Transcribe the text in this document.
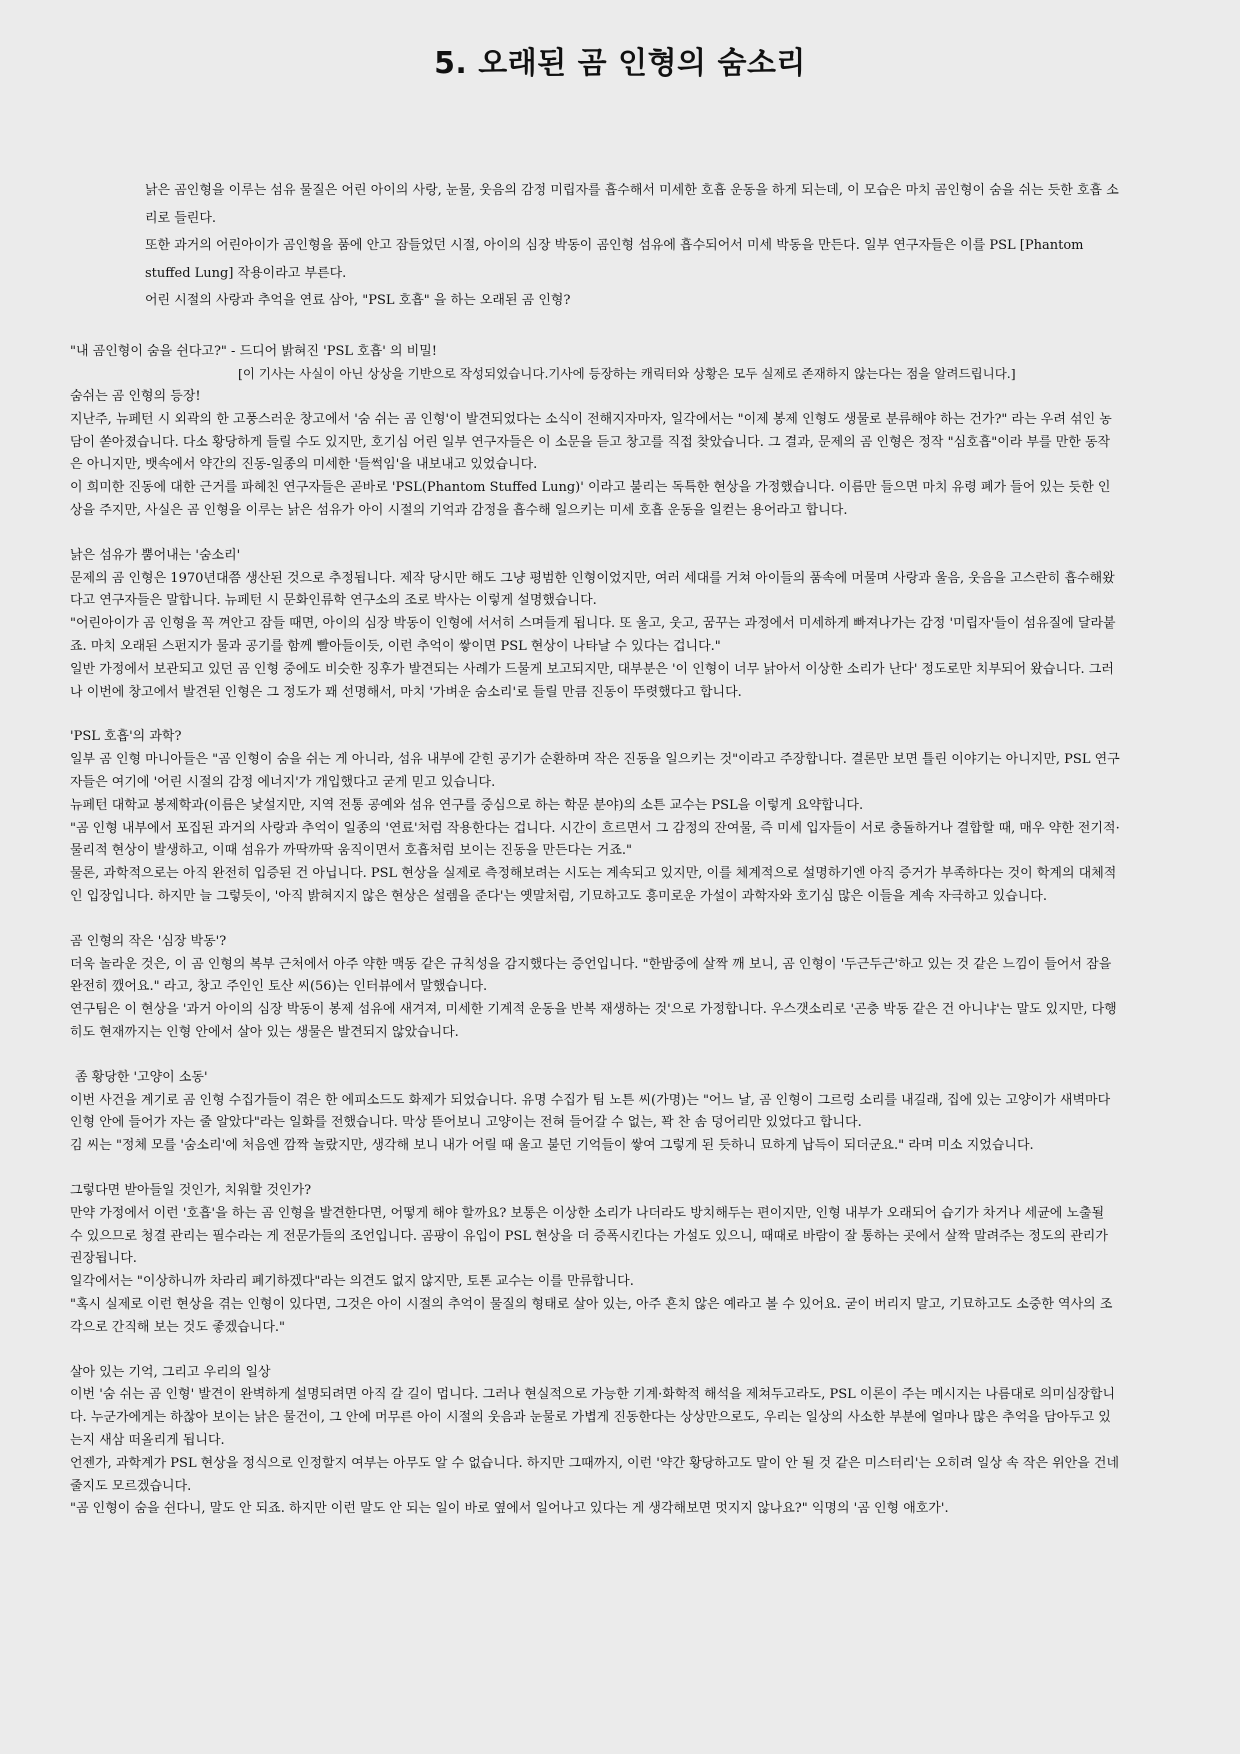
5. 오래된 곰 인형의 숨소리

낡은 곰인형을 이루는 섬유 물질은 어린 아이의 사랑, 눈물, 웃음의 감정 미립자를 흡수해서 미세한 호흡 운동을 하게 되는데, 이 모습은 마치 곰인형이 숨을 쉬는 듯한 호흡 소리로 들린다.

또한 과거의 어린아이가 곰인형을 품에 안고 잠들었던 시절, 아이의 심장 박동이 곰인형 섬유에 흡수되어서 미세 박동을 만든다. 일부 연구자들은 이를 PSL [Phantom stuffed Lung] 작용이라고 부른다.

어린 시절의 사랑과 추억을 연료 삼아, "PSL 호흡" 을 하는 오래된 곰 인형?

"내 곰인형이 숨을 쉰다고?" - 드디어 밝혀진 'PSL 호흡' 의 비밀!

[이 기사는 사실이 아닌 상상을 기반으로 작성되었습니다.기사에 등장하는 캐릭터와 상황은 모두 실제로 존재하지 않는다는 점을 알려드립니다.]

숨쉬는 곰 인형의 등장!

지난주, 뉴페턴 시 외곽의 한 고풍스러운 창고에서 '숨 쉬는 곰 인형'이 발견되었다는 소식이 전해지자마자, 일각에서는 "이제 봉제 인형도 생물로 분류해야 하는 건가?" 라는 우려 섞인 농담이 쏟아졌습니다. 다소 황당하게 들릴 수도 있지만, 호기심 어린 일부 연구자들은 이 소문을 듣고 창고를 직접 찾았습니다. 그 결과, 문제의 곰 인형은 정작 "심호흡"이라 부를 만한 동작은 아니지만, 뱃속에서 약간의 진동-일종의 미세한 '들썩임'을 내보내고 있었습니다.

이 희미한 진동에 대한 근거를 파헤친 연구자들은 곧바로 'PSL(Phantom Stuffed Lung)' 이라고 불리는 독특한 현상을 가정했습니다. 이름만 들으면 마치 유령 폐가 들어 있는 듯한 인상을 주지만, 사실은 곰 인형을 이루는 낡은 섬유가 아이 시절의 기억과 감정을 흡수해 일으키는 미세 호흡 운동을 일컫는 용어라고 합니다.

낡은 섬유가 뿜어내는 '숨소리'

문제의 곰 인형은 1970년대쯤 생산된 것으로 추정됩니다. 제작 당시만 해도 그냥 평범한 인형이었지만, 여러 세대를 거쳐 아이들의 품속에 머물며 사랑과 울음, 웃음을 고스란히 흡수해왔다고 연구자들은 말합니다. 뉴페턴 시 문화인류학 연구소의 조로 박사는 이렇게 설명했습니다.

"어린아이가 곰 인형을 꼭 껴안고 잠들 때면, 아이의 심장 박동이 인형에 서서히 스며들게 됩니다. 또 울고, 웃고, 꿈꾸는 과정에서 미세하게 빠져나가는 감정 '미립자'들이 섬유질에 달라붙죠. 마치 오래된 스펀지가 물과 공기를 함께 빨아들이듯, 이런 추억이 쌓이면 PSL 현상이 나타날 수 있다는 겁니다."

일반 가정에서 보관되고 있던 곰 인형 중에도 비슷한 징후가 발견되는 사례가 드물게 보고되지만, 대부분은 '이 인형이 너무 낡아서 이상한 소리가 난다' 정도로만 치부되어 왔습니다. 그러나 이번에 창고에서 발견된 인형은 그 정도가 꽤 선명해서, 마치 '가벼운 숨소리'로 들릴 만큼 진동이 뚜렷했다고 합니다.

'PSL 호흡'의 과학?

일부 곰 인형 마니아들은 "곰 인형이 숨을 쉬는 게 아니라, 섬유 내부에 갇힌 공기가 순환하며 작은 진동을 일으키는 것"이라고 주장합니다. 결론만 보면 틀린 이야기는 아니지만, PSL 연구자들은 여기에 '어린 시절의 감정 에너지'가 개입했다고 굳게 믿고 있습니다.

뉴페턴 대학교 봉제학과(이름은 낯설지만, 지역 전통 공예와 섬유 연구를 중심으로 하는 학문 분야)의 소튼 교수는 PSL을 이렇게 요약합니다.

"곰 인형 내부에서 포집된 과거의 사랑과 추억이 일종의 '연료'처럼 작용한다는 겁니다. 시간이 흐르면서 그 감정의 잔여물, 즉 미세 입자들이 서로 충돌하거나 결합할 때, 매우 약한 전기적·물리적 현상이 발생하고, 이때 섬유가 까딱까딱 움직이면서 호흡처럼 보이는 진동을 만든다는 거죠."

물론, 과학적으로는 아직 완전히 입증된 건 아닙니다. PSL 현상을 실제로 측정해보려는 시도는 계속되고 있지만, 이를 체계적으로 설명하기엔 아직 증거가 부족하다는 것이 학계의 대체적인 입장입니다. 하지만 늘 그렇듯이, '아직 밝혀지지 않은 현상은 설렘을 준다'는 옛말처럼, 기묘하고도 흥미로운 가설이 과학자와 호기심 많은 이들을 계속 자극하고 있습니다.

곰 인형의 작은 '심장 박동'?

더욱 놀라운 것은, 이 곰 인형의 복부 근처에서 아주 약한 맥동 같은 규칙성을 감지했다는 증언입니다. "한밤중에 살짝 깨 보니, 곰 인형이 '두근두근'하고 있는 것 같은 느낌이 들어서 잠을 완전히 깼어요." 라고, 창고 주인인 토산 씨(56)는 인터뷰에서 말했습니다.

연구팀은 이 현상을 '과거 아이의 심장 박동이 봉제 섬유에 새겨져, 미세한 기계적 운동을 반복 재생하는 것'으로 가정합니다. 우스갯소리로 '곤충 박동 같은 건 아니냐'는 말도 있지만, 다행히도 현재까지는 인형 안에서 살아 있는 생물은 발견되지 않았습니다.

좀 황당한 '고양이 소동'

이번 사건을 계기로 곰 인형 수집가들이 겪은 한 에피소드도 화제가 되었습니다. 유명 수집가 팀 노튼 씨(가명)는 "어느 날, 곰 인형이 그르렁 소리를 내길래, 집에 있는 고양이가 새벽마다 인형 안에 들어가 자는 줄 알았다"라는 일화를 전했습니다. 막상 뜯어보니 고양이는 전혀 들어갈 수 없는, 꽉 찬 솜 덩어리만 있었다고 합니다.

김 씨는 "정체 모를 '숨소리'에 처음엔 깜짝 놀랐지만, 생각해 보니 내가 어릴 때 울고 불던 기억들이 쌓여 그렇게 된 듯하니 묘하게 납득이 되더군요." 라며 미소 지었습니다.

그렇다면 받아들일 것인가, 치워할 것인가?

만약 가정에서 이런 '호흡'을 하는 곰 인형을 발견한다면, 어떻게 해야 할까요? 보통은 이상한 소리가 나더라도 방치해두는 편이지만, 인형 내부가 오래되어 습기가 차거나 세균에 노출될 수 있으므로 청결 관리는 필수라는 게 전문가들의 조언입니다. 곰팡이 유입이 PSL 현상을 더 증폭시킨다는 가설도 있으니, 때때로 바람이 잘 통하는 곳에서 살짝 말려주는 정도의 관리가 권장됩니다.

일각에서는 "이상하니까 차라리 폐기하겠다"라는 의견도 없지 않지만, 토톤 교수는 이를 만류합니다.

"혹시 실제로 이런 현상을 겪는 인형이 있다면, 그것은 아이 시절의 추억이 물질의 형태로 살아 있는, 아주 흔치 않은 예라고 볼 수 있어요. 굳이 버리지 말고, 기묘하고도 소중한 역사의 조각으로 간직해 보는 것도 좋겠습니다."

살아 있는 기억, 그리고 우리의 일상

이번 '숨 쉬는 곰 인형' 발견이 완벽하게 설명되려면 아직 갈 길이 멉니다. 그러나 현실적으로 가능한 기계·화학적 해석을 제쳐두고라도, PSL 이론이 주는 메시지는 나름대로 의미심장합니다. 누군가에게는 하찮아 보이는 낡은 물건이, 그 안에 머무른 아이 시절의 웃음과 눈물로 가볍게 진동한다는 상상만으로도, 우리는 일상의 사소한 부분에 얼마나 많은 추억을 담아두고 있는지 새삼 떠올리게 됩니다.

언젠가, 과학계가 PSL 현상을 정식으로 인정할지 여부는 아무도 알 수 없습니다. 하지만 그때까지, 이런 '약간 황당하고도 말이 안 될 것 같은 미스터리'는 오히려 일상 속 작은 위안을 건네줄지도 모르겠습니다.

"곰 인형이 숨을 쉰다니, 말도 안 되죠. 하지만 이런 말도 안 되는 일이 바로 옆에서 일어나고 있다는 게 생각해보면 멋지지 않나요?" 익명의 '곰 인형 애호가'.
